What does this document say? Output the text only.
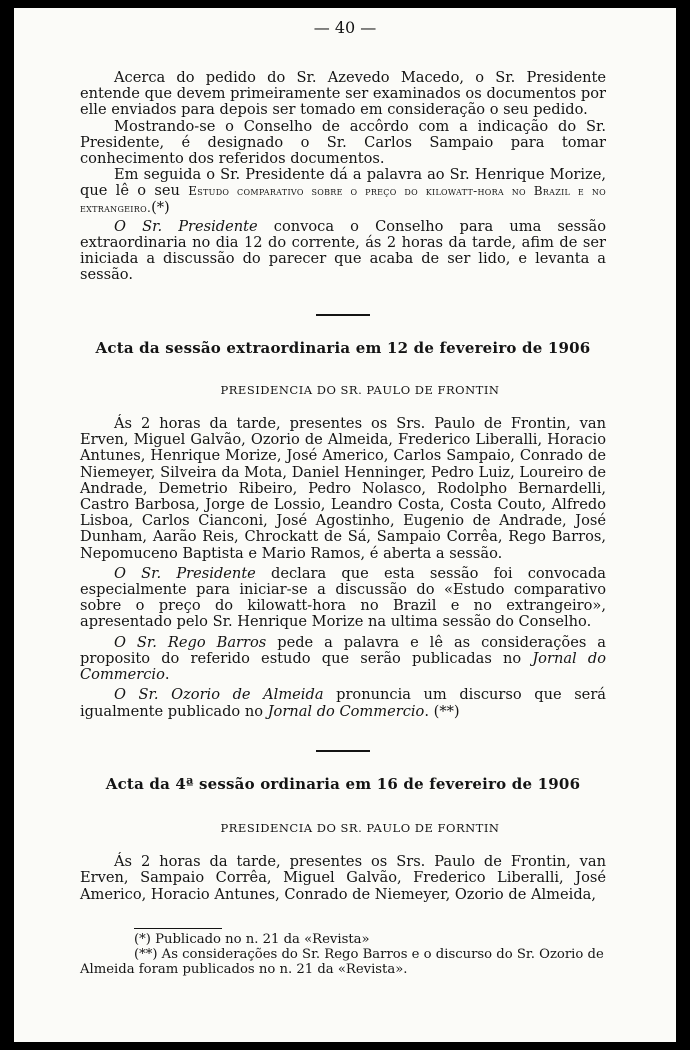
— 40 —

Acerca do pedido do Sr. Azevedo Macedo, o Sr. Presidente entende que devem primeiramente ser examinados os documentos por elle enviados para depois ser tomado em consideração o seu pedido.

Mostrando-se o Conselho de accôrdo com a indicação do Sr. Presidente, é designado o Sr. Carlos Sampaio para tomar conhecimento dos referidos documentos.

Em seguida o Sr. Presidente dá a palavra ao Sr. Henrique Morize, que lê o seu Estudo comparativo sobre o preço do kilowatt-hora no Brazil e no extrangeiro.(*)

O Sr. Presidente convoca o Conselho para uma sessão extraordinaria no dia 12 do corrente, ás 2 horas da tarde, afim de ser iniciada a discussão do parecer que acaba de ser lido, e levanta a sessão.

Acta da sessão extraordinaria em 12 de fevereiro de 1906

PRESIDENCIA DO SR. PAULO DE FRONTIN

Ás 2 horas da tarde, presentes os Srs. Paulo de Frontin, van Erven, Miguel Galvão, Ozorio de Almeida, Frederico Liberalli, Horacio Antunes, Henrique Morize, José Americo, Carlos Sampaio, Conrado de Niemeyer, Silveira da Mota, Daniel Henninger, Pedro Luiz, Loureiro de Andrade, Demetrio Ribeiro, Pedro Nolasco, Rodolpho Bernardelli, Castro Barbosa, Jorge de Lossio, Leandro Costa, Costa Couto, Alfredo Lisboa, Carlos Cianconi, José Agostinho, Eugenio de Andrade, José Dunham, Aarão Reis, Chrockatt de Sá, Sampaio Corrêa, Rego Barros, Nepomuceno Baptista e Mario Ramos, é aberta a sessão.

O Sr. Presidente declara que esta sessão foi convocada especialmente para iniciar-se a discussão do «Estudo comparativo sobre o preço do kilowatt-hora no Brazil e no extrangeiro», apresentado pelo Sr. Henrique Morize na ultima sessão do Conselho.

O Sr. Rego Barros pede a palavra e lê as considerações a proposito do referido estudo que serão publicadas no Jornal do Commercio.

O Sr. Ozorio de Almeida pronuncia um discurso que será igualmente publicado no Jornal do Commercio. (**)

Acta da 4ª sessão ordinaria em 16 de fevereiro de 1906

PRESIDENCIA DO SR. PAULO DE FORNTIN

Ás 2 horas da tarde, presentes os Srs. Paulo de Frontin, van Erven, Sampaio Corrêa, Miguel Galvão, Frederico Liberalli, José Americo, Horacio Antunes, Conrado de Niemeyer, Ozorio de Almeida,

(*) Publicado no n. 21 da «Revista»

(**) As considerações do Sr. Rego Barros e o discurso do Sr. Ozorio de Almeida foram publicados no n. 21 da «Revista».
